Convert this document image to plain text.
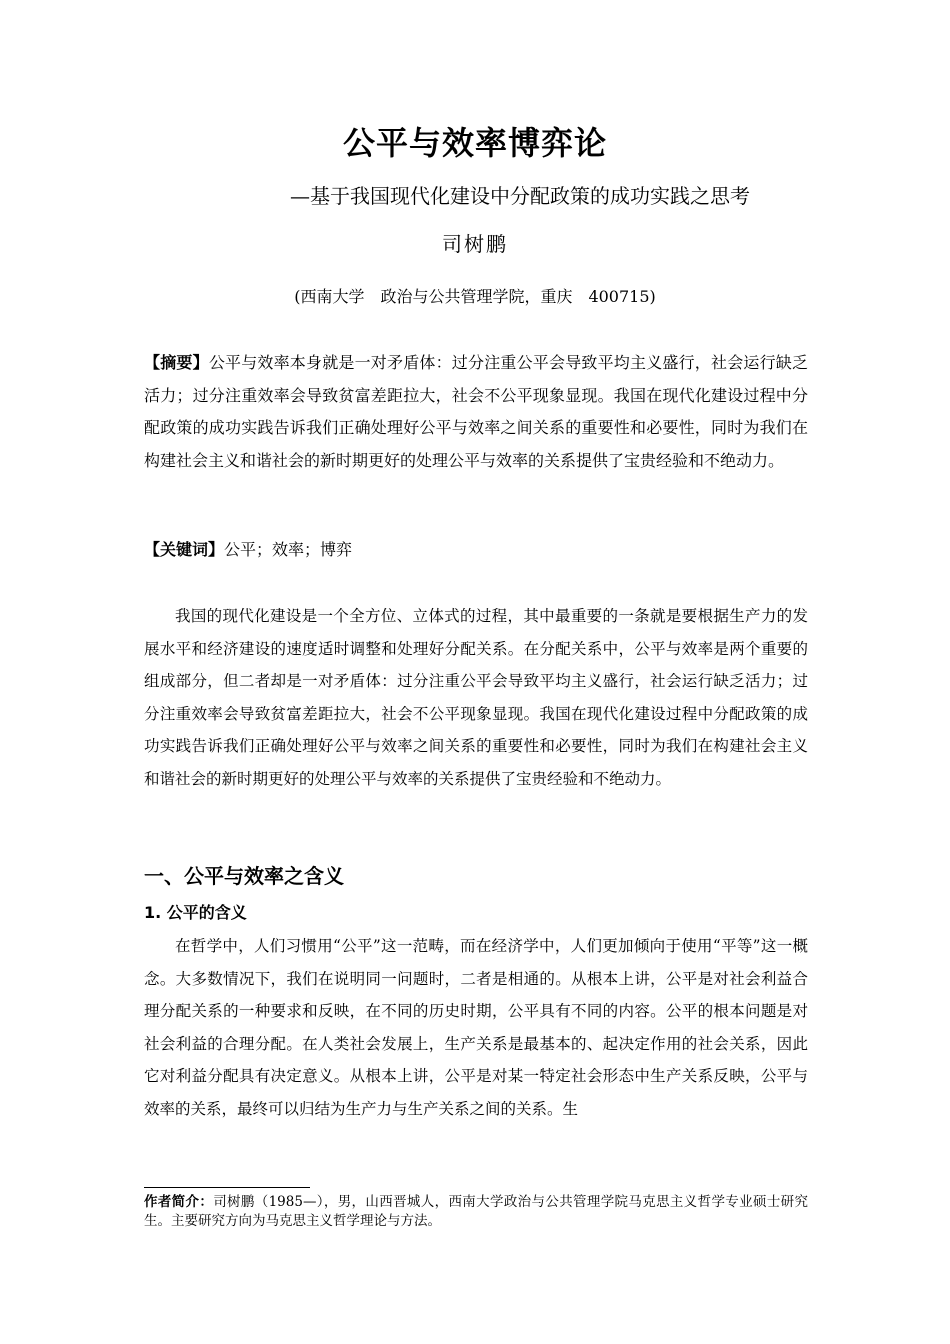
公平与效率博弈论
—基于我国现代化建设中分配政策的成功实践之思考
司树鹏
(西南大学　政治与公共管理学院，重庆　400715)
【摘要】公平与效率本身就是一对矛盾体：过分注重公平会导致平均主义盛行，社会运行缺乏活力；过分注重效率会导致贫富差距拉大，社会不公平现象显现。我国在现代化建设过程中分配政策的成功实践告诉我们正确处理好公平与效率之间关系的重要性和必要性，同时为我们在构建社会主义和谐社会的新时期更好的处理公平与效率的关系提供了宝贵经验和不绝动力。
【关键词】公平；效率；博弈
我国的现代化建设是一个全方位、立体式的过程，其中最重要的一条就是要根据生产力的发展水平和经济建设的速度适时调整和处理好分配关系。在分配关系中，公平与效率是两个重要的组成部分，但二者却是一对矛盾体：过分注重公平会导致平均主义盛行，社会运行缺乏活力；过分注重效率会导致贫富差距拉大，社会不公平现象显现。我国在现代化建设过程中分配政策的成功实践告诉我们正确处理好公平与效率之间关系的重要性和必要性，同时为我们在构建社会主义和谐社会的新时期更好的处理公平与效率的关系提供了宝贵经验和不绝动力。
一、公平与效率之含义
1. 公平的含义
在哲学中，人们习惯用“公平”这一范畴，而在经济学中，人们更加倾向于使用“平等”这一概念。大多数情况下，我们在说明同一问题时，二者是相通的。从根本上讲，公平是对社会利益合理分配关系的一种要求和反映，在不同的历史时期，公平具有不同的内容。公平的根本问题是对社会利益的合理分配。在人类社会发展上，生产关系是最基本的、起决定作用的社会关系，因此它对利益分配具有决定意义。从根本上讲，公平是对某一特定社会形态中生产关系反映，公平与效率的关系，最终可以归结为生产力与生产关系之间的关系。生
作者简介：司树鹏（1985—），男，山西晋城人，西南大学政治与公共管理学院马克思主义哲学专业硕士研究生。主要研究方向为马克思主义哲学理论与方法。
